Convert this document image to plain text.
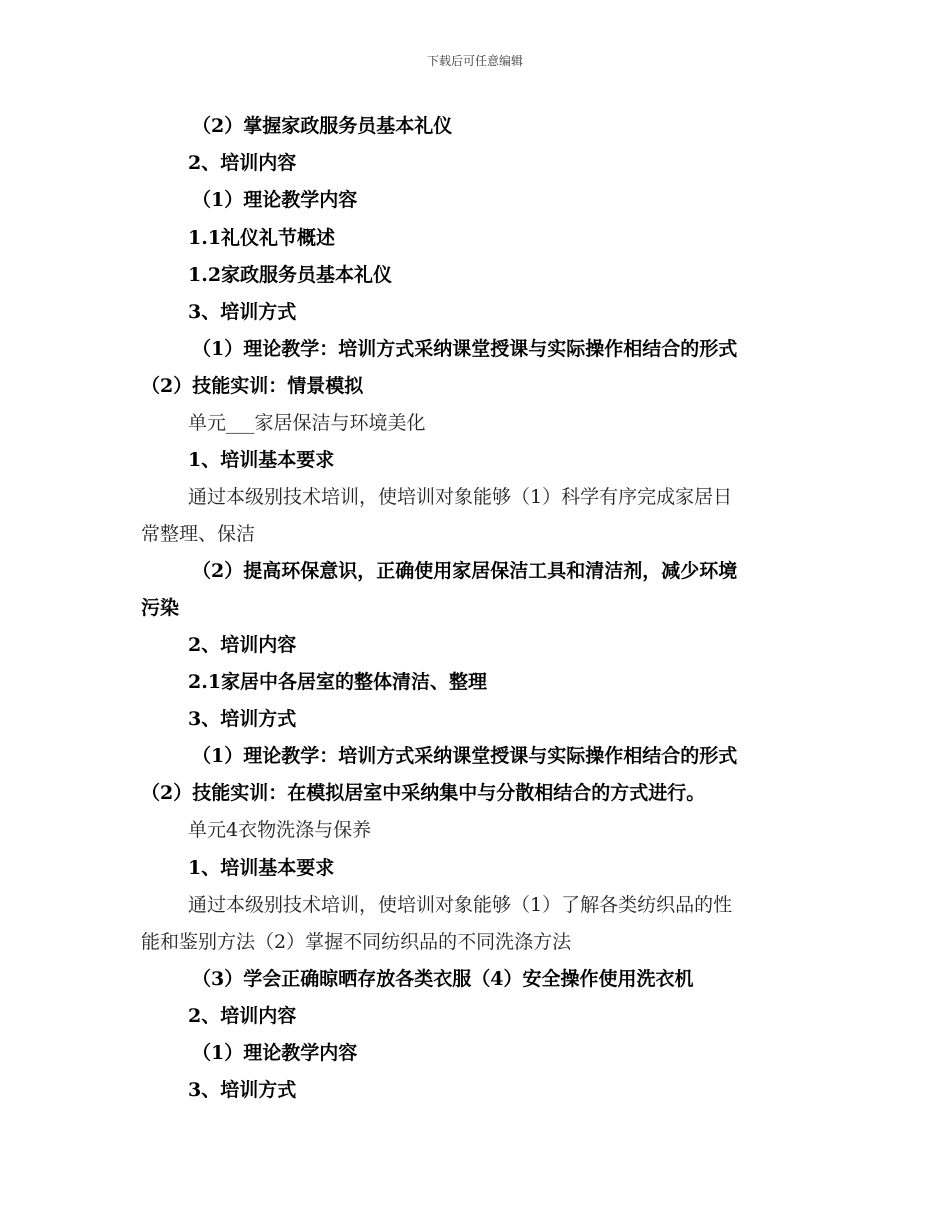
下载后可任意编辑
（2）掌握家政服务员基本礼仪
2、培训内容
（1）理论教学内容
1.1礼仪礼节概述
1.2家政服务员基本礼仪
3、培训方式
（1）理论教学：培训方式采纳课堂授课与实际操作相结合的形式
（2）技能实训：情景模拟
单元___家居保洁与环境美化
1、培训基本要求
通过本级别技术培训，使培训对象能够（1）科学有序完成家居日
常整理、保洁
（2）提高环保意识，正确使用家居保洁工具和清洁剂，减少环境
污染
2、培训内容
2.1家居中各居室的整体清洁、整理
3、培训方式
（1）理论教学：培训方式采纳课堂授课与实际操作相结合的形式
（2）技能实训：在模拟居室中采纳集中与分散相结合的方式进行。
单元4衣物洗涤与保养
1、培训基本要求
通过本级别技术培训，使培训对象能够（1）了解各类纺织品的性
能和鉴别方法（2）掌握不同纺织品的不同洗涤方法
（3）学会正确晾晒存放各类衣服（4）安全操作使用洗衣机
2、培训内容
（1）理论教学内容
3、培训方式
